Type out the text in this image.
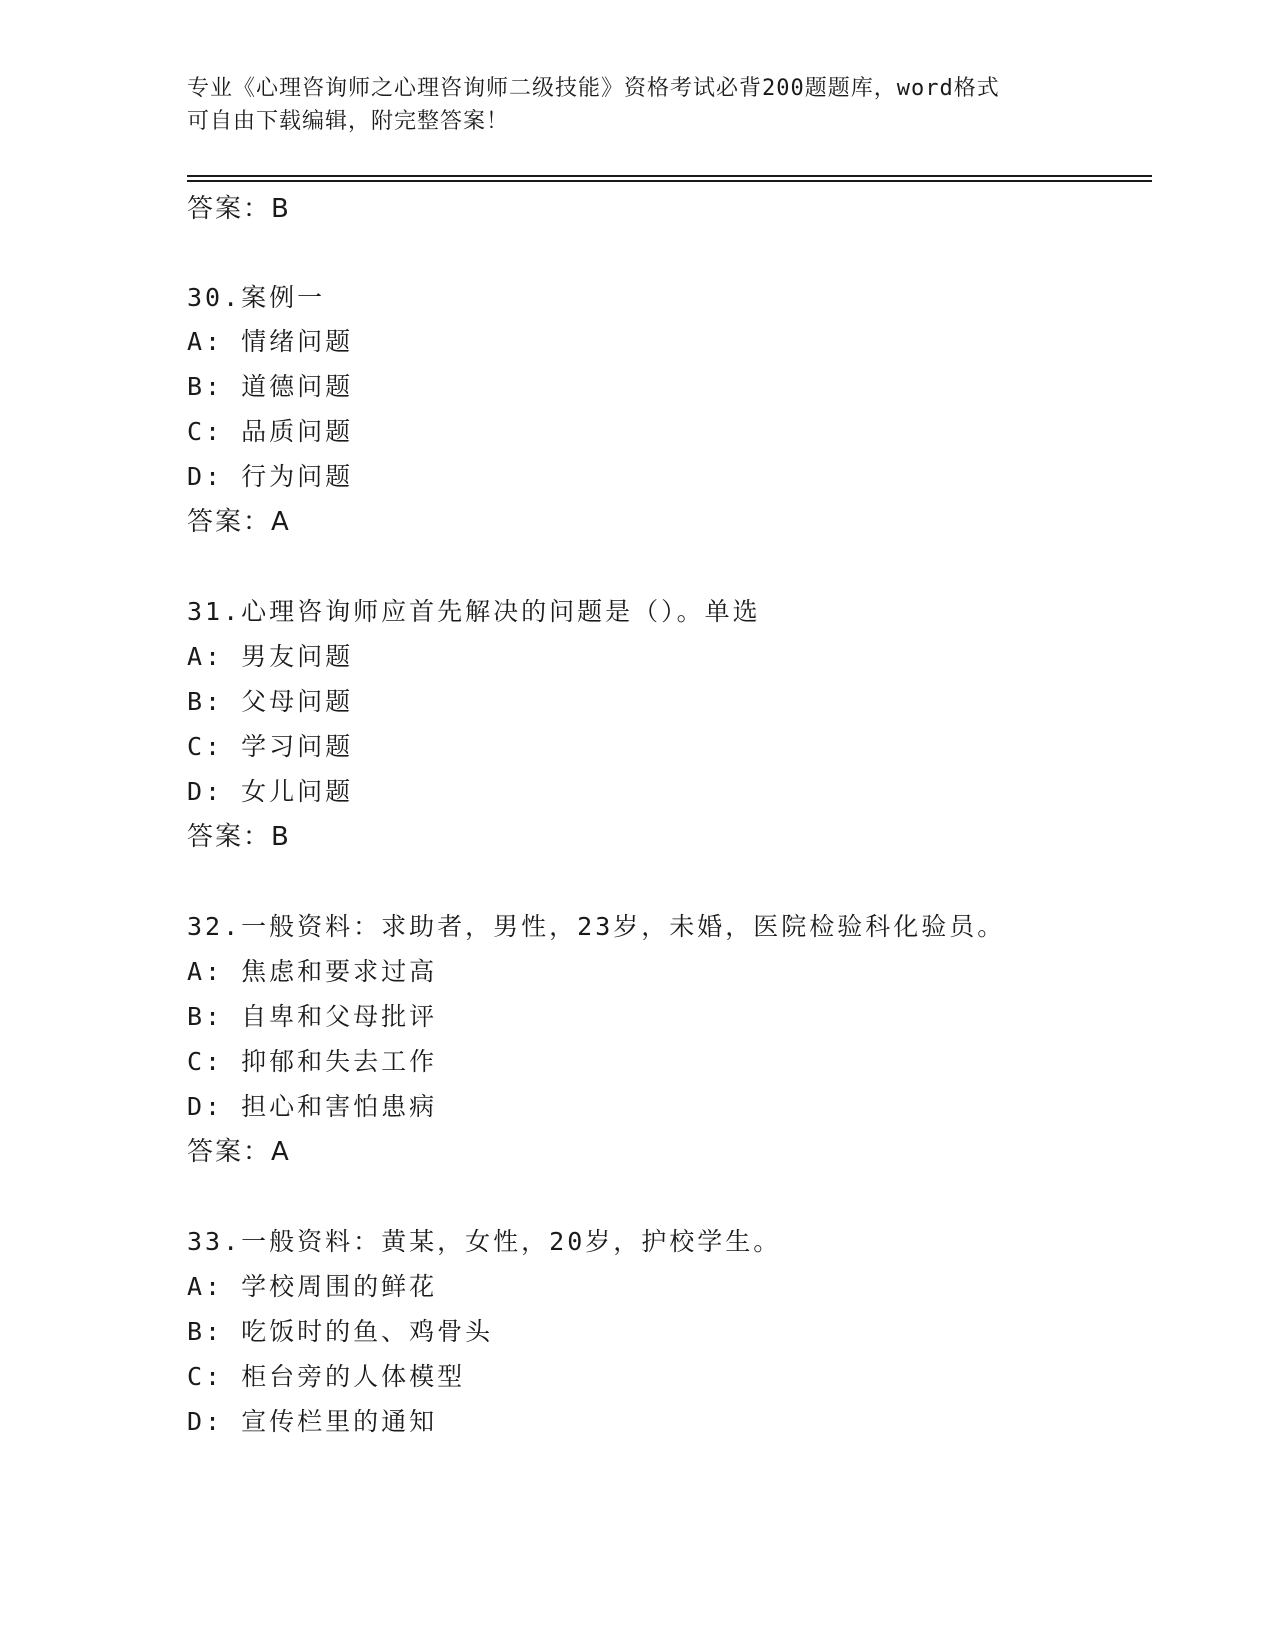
专业《心理咨询师之心理咨询师二级技能》资格考试必背200题题库，word格式
可自由下载编辑，附完整答案！
答案：B
30.案例一
A: 情绪问题
B: 道德问题
C: 品质问题
D: 行为问题
答案：A
31.心理咨询师应首先解决的问题是（）。单选
A: 男友问题
B: 父母问题
C: 学习问题
D: 女儿问题
答案：B
32.一般资料：求助者，男性，23岁，未婚，医院检验科化验员。
A: 焦虑和要求过高
B: 自卑和父母批评
C: 抑郁和失去工作
D: 担心和害怕患病
答案：A
33.一般资料：黄某，女性，20岁，护校学生。
A: 学校周围的鲜花
B: 吃饭时的鱼、鸡骨头
C: 柜台旁的人体模型
D: 宣传栏里的通知
